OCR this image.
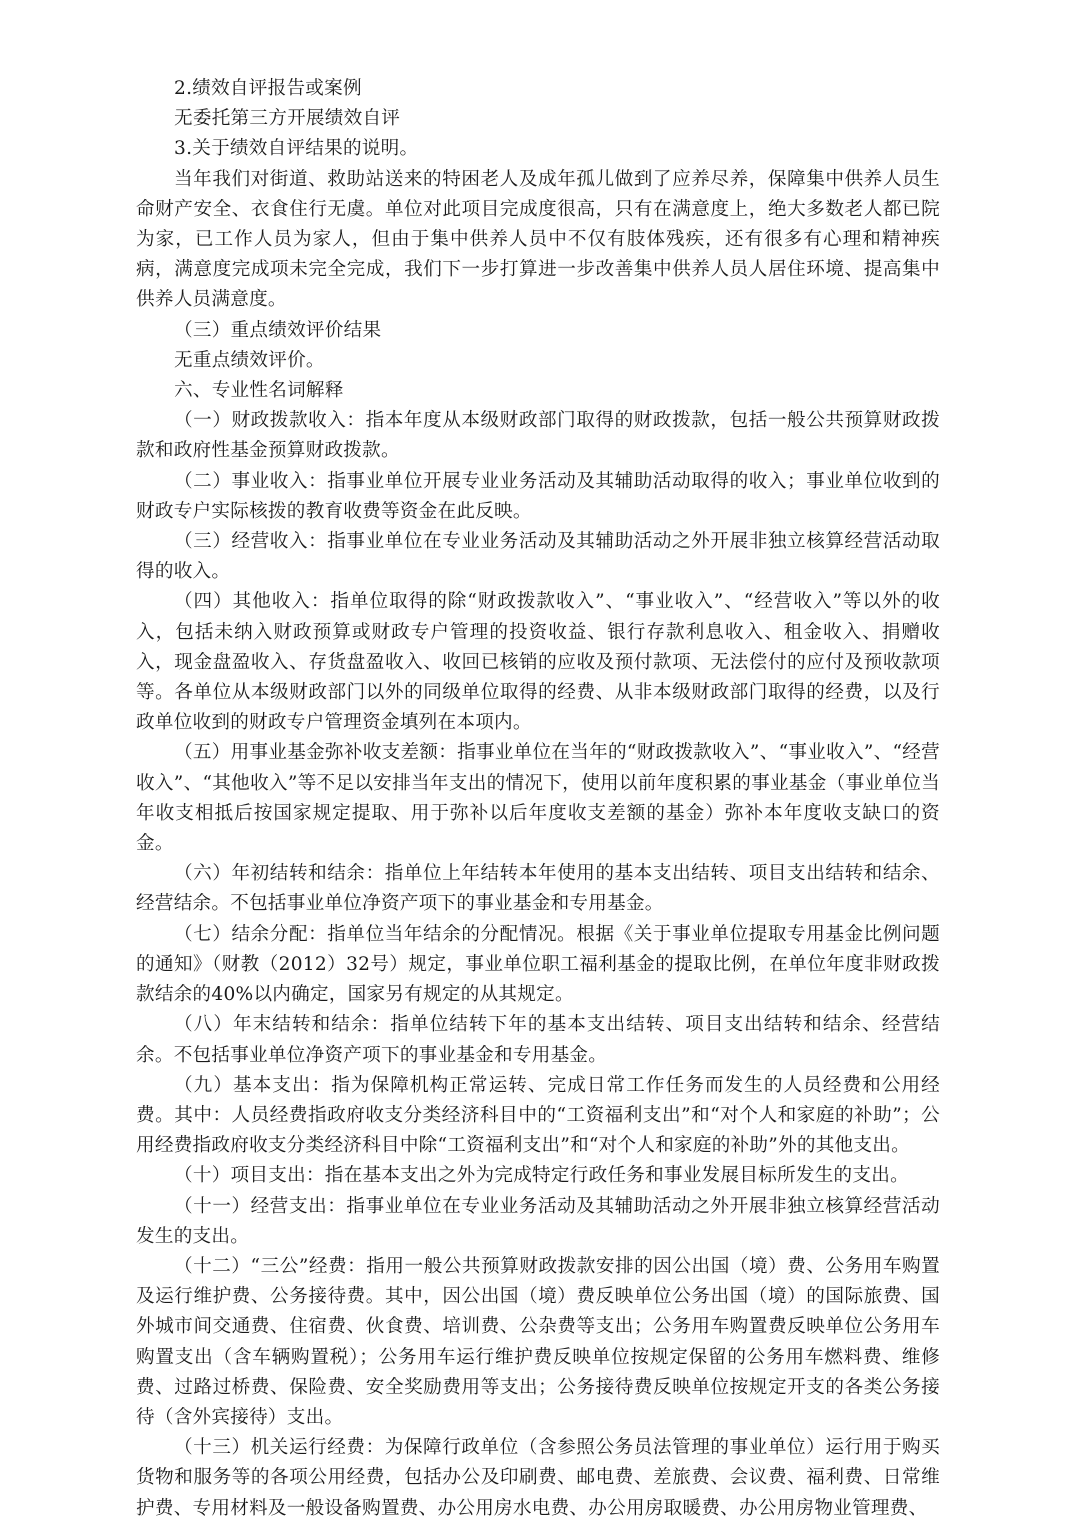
2.绩效自评报告或案例

无委托第三方开展绩效自评

3.关于绩效自评结果的说明。

当年我们对街道、救助站送来的特困老人及成年孤儿做到了应养尽养，保障集中供养人员生命财产安全、衣食住行无虞。单位对此项目完成度很高，只有在满意度上，绝大多数老人都已院为家，已工作人员为家人，但由于集中供养人员中不仅有肢体残疾，还有很多有心理和精神疾病，满意度完成项未完全完成，我们下一步打算进一步改善集中供养人员人居住环境、提高集中供养人员满意度。

（三）重点绩效评价结果

无重点绩效评价。

六、专业性名词解释

（一）财政拨款收入：指本年度从本级财政部门取得的财政拨款，包括一般公共预算财政拨款和政府性基金预算财政拨款。

（二）事业收入：指事业单位开展专业业务活动及其辅助活动取得的收入；事业单位收到的财政专户实际核拨的教育收费等资金在此反映。

（三）经营收入：指事业单位在专业业务活动及其辅助活动之外开展非独立核算经营活动取得的收入。

（四）其他收入：指单位取得的除“财政拨款收入”、“事业收入”、“经营收入”等以外的收入，包括未纳入财政预算或财政专户管理的投资收益、银行存款利息收入、租金收入、捐赠收入，现金盘盈收入、存货盘盈收入、收回已核销的应收及预付款项、无法偿付的应付及预收款项等。各单位从本级财政部门以外的同级单位取得的经费、从非本级财政部门取得的经费，以及行政单位收到的财政专户管理资金填列在本项内。

（五）用事业基金弥补收支差额：指事业单位在当年的“财政拨款收入”、“事业收入”、“经营收入”、“其他收入”等不足以安排当年支出的情况下，使用以前年度积累的事业基金（事业单位当年收支相抵后按国家规定提取、用于弥补以后年度收支差额的基金）弥补本年度收支缺口的资金。

（六）年初结转和结余：指单位上年结转本年使用的基本支出结转、项目支出结转和结余、经营结余。不包括事业单位净资产项下的事业基金和专用基金。

（七）结余分配：指单位当年结余的分配情况。根据《关于事业单位提取专用基金比例问题的通知》（财教（2012）32号）规定，事业单位职工福利基金的提取比例，在单位年度非财政拨款结余的40%以内确定，国家另有规定的从其规定。

（八）年末结转和结余：指单位结转下年的基本支出结转、项目支出结转和结余、经营结余。不包括事业单位净资产项下的事业基金和专用基金。

（九）基本支出：指为保障机构正常运转、完成日常工作任务而发生的人员经费和公用经费。其中：人员经费指政府收支分类经济科目中的“工资福利支出”和“对个人和家庭的补助”；公用经费指政府收支分类经济科目中除“工资福利支出”和“对个人和家庭的补助”外的其他支出。

（十）项目支出：指在基本支出之外为完成特定行政任务和事业发展目标所发生的支出。

（十一）经营支出：指事业单位在专业业务活动及其辅助活动之外开展非独立核算经营活动发生的支出。

（十二）“三公”经费：指用一般公共预算财政拨款安排的因公出国（境）费、公务用车购置及运行维护费、公务接待费。其中，因公出国（境）费反映单位公务出国（境）的国际旅费、国外城市间交通费、住宿费、伙食费、培训费、公杂费等支出；公务用车购置费反映单位公务用车购置支出（含车辆购置税）；公务用车运行维护费反映单位按规定保留的公务用车燃料费、维修费、过路过桥费、保险费、安全奖励费用等支出；公务接待费反映单位按规定开支的各类公务接待（含外宾接待）支出。

（十三）机关运行经费：为保障行政单位（含参照公务员法管理的事业单位）运行用于购买货物和服务等的各项公用经费，包括办公及印刷费、邮电费、差旅费、会议费、福利费、日常维护费、专用材料及一般设备购置费、办公用房水电费、办公用房取暖费、办公用房物业管理费、
